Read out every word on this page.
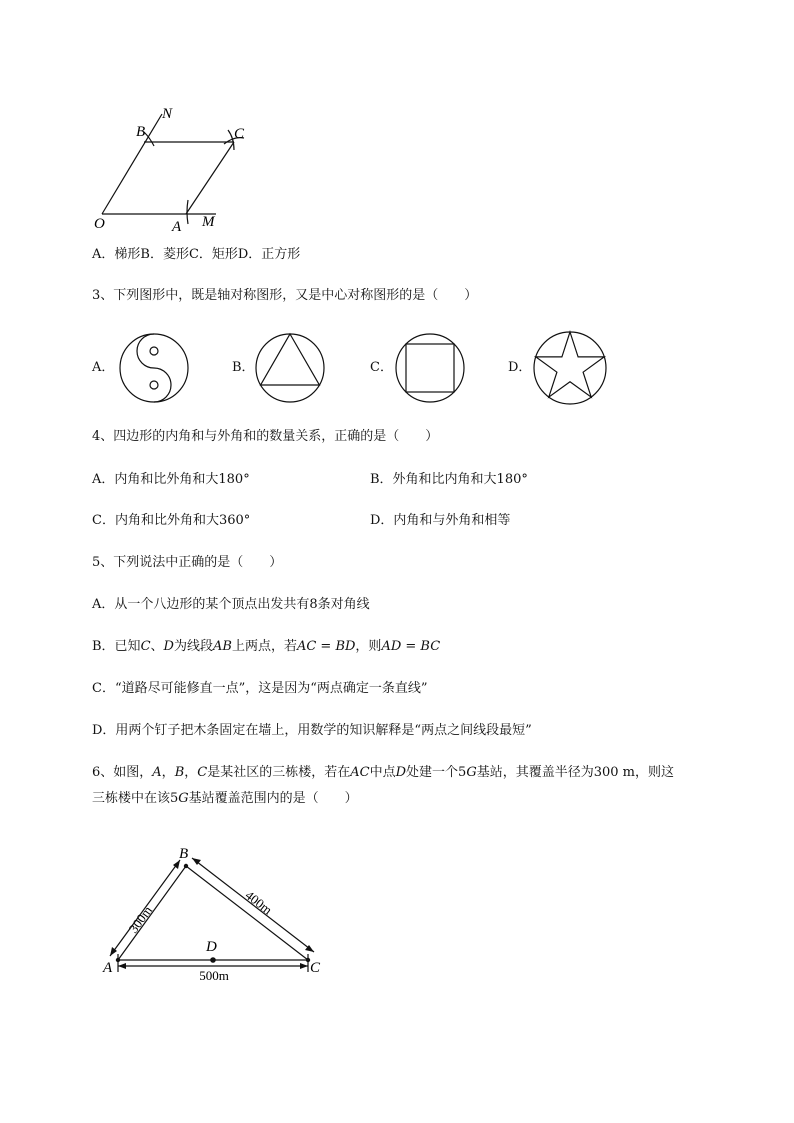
N
B	C
O	A M
A．梯形B．菱形C．矩形D．正方形
3、下列图形中，既是轴对称图形，又是中心对称图形的是（　　）
A．	B．	C．	D．
4、四边形的内角和与外角和的数量关系，正确的是（　　）
A．内角和比外角和大180°	B．外角和比内角和大180°
C．内角和比外角和大360°	D．内角和与外角和相等
5、下列说法中正确的是（　　）
A．从一个八边形的某个顶点出发共有8条对角线
B．已知C、D为线段AB上两点，若AC = BD，则AD = BC
C．“道路尽可能修直一点”，这是因为“两点确定一条直线”
D．用两个钉子把木条固定在墙上，用数学的知识解释是“两点之间线段最短”
6、如图，A，B，C是某社区的三栋楼，若在AC中点D处建一个5G基站，其覆盖半径为300 m，则这
三栋楼中在该5G基站覆盖范围内的是（　　）
A
B
C
D
300m
400m
500m
